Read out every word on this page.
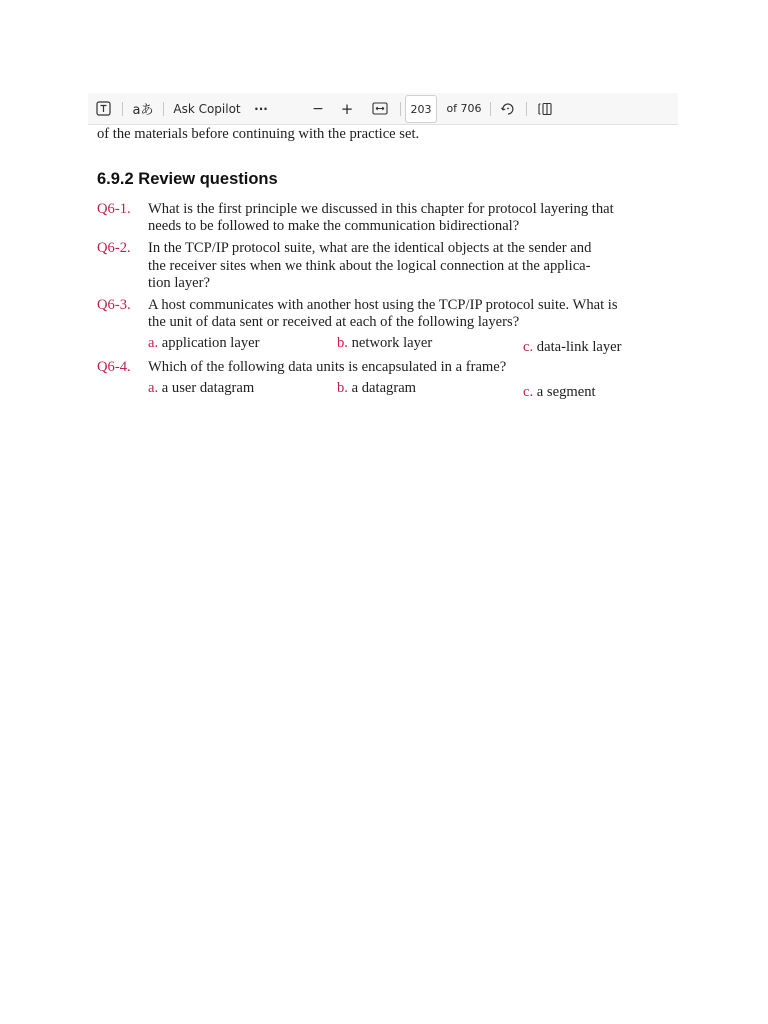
aあ Ask Copilot	···	− +	203	of 706
of the materials before continuing with the practice set.
6.9.2 Review questions
Q6-1. What is the first principle we discussed in this chapter for protocol layering that
needs to be followed to make the communication bidirectional?
Q6-2. In the TCP/IP protocol suite, what are the identical objects at the sender and
the receiver sites when we think about the logical connection at the applica-
tion layer?
Q6-3. A host communicates with another host using the TCP/IP protocol suite. What is
the unit of data sent or received at each of the following layers?
a. application layer	b. network layer	c. data-link layer
Q6-4. Which of the following data units is encapsulated in a frame?
a. a user datagram	b. a datagram	c. a segment
